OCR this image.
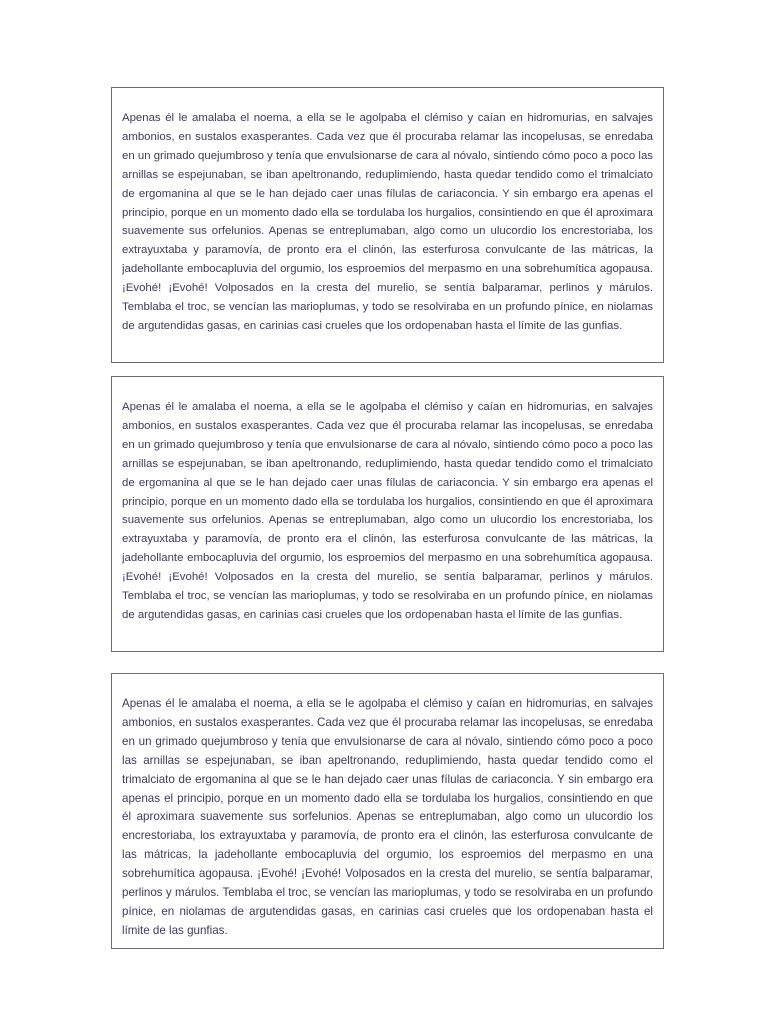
Apenas él le amalaba el noema, a ella se le agolpaba el clémiso y caían en hidromurias, en salvajes ambonios, en sustalos exasperantes. Cada vez que él procuraba relamar las incopelusas, se enredaba en un grimado quejumbroso y tenía que envulsionarse de cara al nóvalo, sintiendo cómo poco a poco las arnillas se espejunaban, se iban apeltronando, reduplimiendo, hasta quedar tendido como el trimalciato de ergomanina al que se le han dejado caer unas fílulas de cariaconcia. Y sin embargo era apenas el principio, porque en un momento dado ella se tordulaba los hurgalios, consintiendo en que él aproximara suavemente sus orfelunios. Apenas se entreplumaban, algo como un ulucordio los encrestoriaba, los extrayuxtaba y paramovía, de pronto era el clinón, las esterfurosa convulcante de las mátricas, la jadehollante embocapluvia del orgumio, los esproemios del merpasmo en una sobrehumítica agopausa. ¡Evohé! ¡Evohé! Volposados en la cresta del murelio, se sentía balparamar, perlinos y márulos. Temblaba el troc, se vencían las marioplumas, y todo se resolviraba en un profundo pínice, en niolamas de argutendidas gasas, en carinias casi crueles que los ordopenaban hasta el límite de las gunfias.

Apenas él le amalaba el noema, a ella se le agolpaba el clémiso y caían en hidromurias, en salvajes ambonios, en sustalos exasperantes. Cada vez que él procuraba relamar las incopelusas, se enredaba en un grimado quejumbroso y tenía que envulsionarse de cara al nóvalo, sintiendo cómo poco a poco las arnillas se espejunaban, se iban apeltronando, reduplimiendo, hasta quedar tendido como el trimalciato de ergomanina al que se le han dejado caer unas fílulas de cariaconcia. Y sin embargo era apenas el principio, porque en un momento dado ella se tordulaba los hurgalios, consintiendo en que él aproximara suavemente sus orfelunios. Apenas se entreplumaban, algo como un ulucordio los encrestoriaba, los extrayuxtaba y paramovía, de pronto era el clinón, las esterfurosa convulcante de las mátricas, la jadehollante embocapluvia del orgumio, los esproemios del merpasmo en una sobrehumítica agopausa. ¡Evohé! ¡Evohé! Volposados en la cresta del murelio, se sentía balparamar, perlinos y márulos. Temblaba el troc, se vencían las marioplumas, y todo se resolviraba en un profundo pínice, en niolamas de argutendidas gasas, en carinias casi crueles que los ordopenaban hasta el límite de las gunfias.

Apenas él le amalaba el noema, a ella se le agolpaba el clémiso y caían en hidromurias, en salvajes ambonios, en sustalos exasperantes. Cada vez que él procuraba relamar las incopelusas, se enredaba en un grimado quejumbroso y tenía que envulsionarse de cara al nóvalo, sintiendo cómo poco a poco las arnillas se espejunaban, se iban apeltronando, reduplimiendo, hasta quedar tendido como el trimalciato de ergomanina al que se le han dejado caer unas fílulas de cariaconcia. Y sin embargo era apenas el principio, porque en un momento dado ella se tordulaba los hurgalios, consintiendo en que él aproximara suavemente sus sorfelunios. Apenas se entreplumaban, algo como un ulucordio los encrestoriaba, los extrayuxtaba y paramovía, de pronto era el clinón, las esterfurosa convulcante de las mátricas, la jadehollante embocapluvia del orgumio, los esproemios del merpasmo en una sobrehumítica agopausa. ¡Evohé! ¡Evohé! Volposados en la cresta del murelio, se sentía balparamar, perlinos y márulos. Temblaba el troc, se vencían las marioplumas, y todo se resolviraba en un profundo pínice, en niolamas de argutendidas gasas, en carinias casi crueles que los ordopenaban hasta el límite de las gunfias.
